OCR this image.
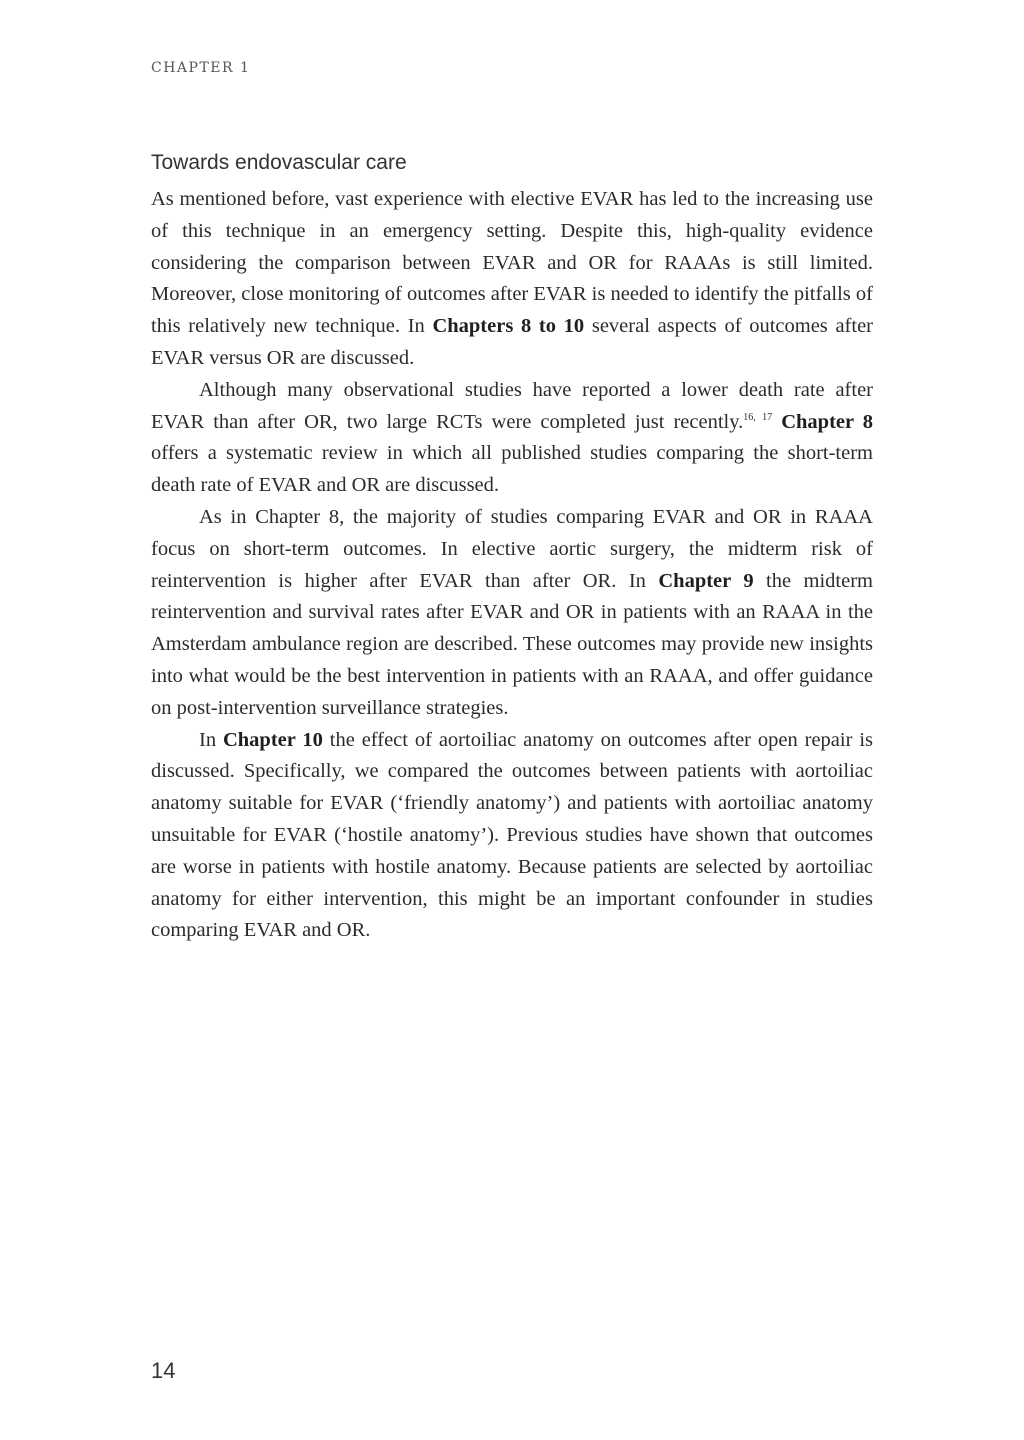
CHAPTER 1
Towards endovascular care

As mentioned before, vast experience with elective EVAR has led to the increasing use of this technique in an emergency setting. Despite this, high-quality evidence considering the comparison between EVAR and OR for RAAAs is still limited. Moreover, close monitoring of outcomes after EVAR is needed to identify the pitfalls of this relatively new technique. In Chapters 8 to 10 several aspects of outcomes after EVAR versus OR are discussed.

Although many observational studies have reported a lower death rate after EVAR than after OR, two large RCTs were completed just recently.$^{16, 17}$ Chapter 8 offers a systematic review in which all published studies comparing the short-term death rate of EVAR and OR are discussed.

As in Chapter 8, the majority of studies comparing EVAR and OR in RAAA focus on short-term outcomes. In elective aortic surgery, the midterm risk of reintervention is higher after EVAR than after OR. In Chapter 9 the midterm reintervention and survival rates after EVAR and OR in patients with an RAAA in the Amsterdam ambulance region are described. These outcomes may provide new insights into what would be the best intervention in patients with an RAAA, and offer guidance on post-intervention surveillance strategies.

In Chapter 10 the effect of aortoiliac anatomy on outcomes after open repair is discussed. Specifically, we compared the outcomes between patients with aortoiliac anatomy suitable for EVAR (‘friendly anatomy’) and patients with aortoiliac anatomy unsuitable for EVAR (‘hostile anatomy’). Previous studies have shown that outcomes are worse in patients with hostile anatomy. Because patients are selected by aortoiliac anatomy for either intervention, this might be an important confounder in studies comparing EVAR and OR.

14
